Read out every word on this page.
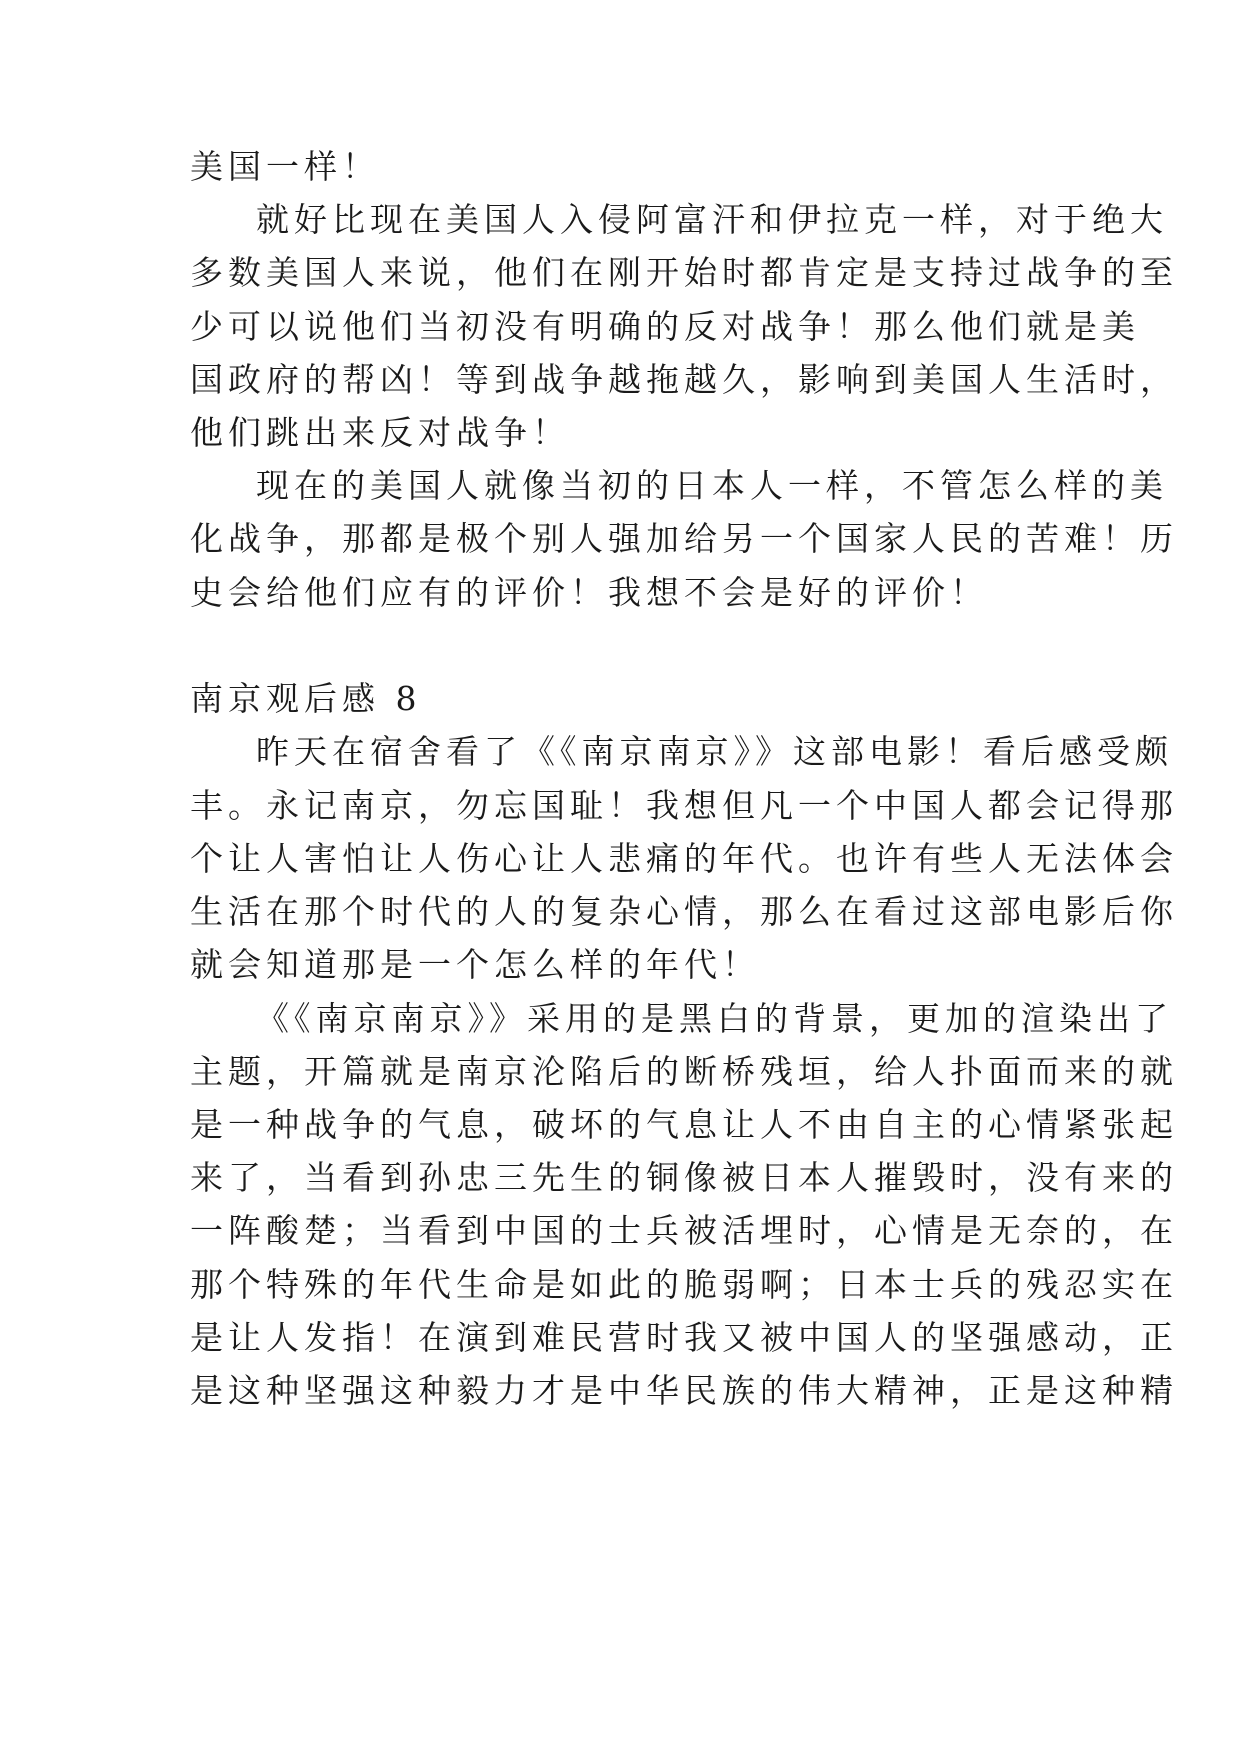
美国一样！
就好比现在美国人入侵阿富汗和伊拉克一样，对于绝大
多数美国人来说，他们在刚开始时都肯定是支持过战争的至
少可以说他们当初没有明确的反对战争！那么他们就是美
国政府的帮凶！等到战争越拖越久，影响到美国人生活时，
他们跳出来反对战争！
现在的美国人就像当初的日本人一样，不管怎么样的美
化战争，那都是极个别人强加给另一个国家人民的苦难！历
史会给他们应有的评价！我想不会是好的评价！
南京观后感 8
昨天在宿舍看了《《南京南京》》这部电影！看后感受颇
丰。永记南京，勿忘国耻！我想但凡一个中国人都会记得那
个让人害怕让人伤心让人悲痛的年代。也许有些人无法体会
生活在那个时代的人的复杂心情，那么在看过这部电影后你
就会知道那是一个怎么样的年代！
《《南京南京》》采用的是黑白的背景，更加的渲染出了
主题，开篇就是南京沦陷后的断桥残垣，给人扑面而来的就
是一种战争的气息，破坏的气息让人不由自主的心情紧张起
来了，当看到孙忠三先生的铜像被日本人摧毁时，没有来的
一阵酸楚；当看到中国的士兵被活埋时，心情是无奈的，在
那个特殊的年代生命是如此的脆弱啊；日本士兵的残忍实在
是让人发指！在演到难民营时我又被中国人的坚强感动，正
是这种坚强这种毅力才是中华民族的伟大精神，正是这种精
